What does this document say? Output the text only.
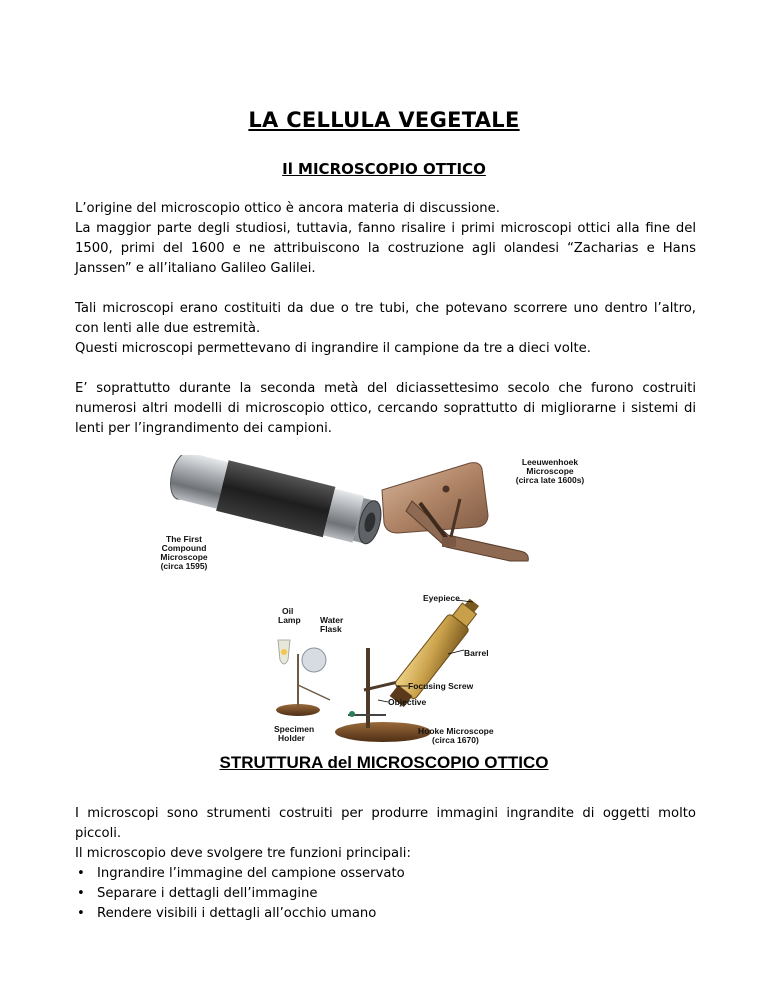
LA CELLULA VEGETALE
Il MICROSCOPIO OTTICO

L’origine del microscopio ottico è ancora materia di discussione.

La maggior parte degli studiosi, tuttavia, fanno risalire i primi microscopi ottici alla fine del 1500, primi del 1600 e ne attribuiscono la costruzione agli olandesi “Zacharias e Hans Janssen” e all’italiano Galileo Galilei.

Tali microscopi erano costituiti da due o tre tubi, che potevano scorrere uno dentro l’altro, con lenti alle due estremità.

Questi microscopi permettevano di ingrandire il campione da tre a dieci volte.

E’ soprattutto durante la seconda metà del diciassettesimo secolo che furono costruiti numerosi altri modelli di microscopio ottico, cercando soprattutto di migliorarne i sistemi di lenti per l’ingrandimento dei campioni.
The First
Compound
Microscope
(circa 1595)
Leeuwenhoek
Microscope
(circa late 1600s)
Eyepiece
Oil
Lamp Water
Flask
Barrel
Focusing Screw
Objective
Specimen
Holder
Hooke Microscope
(circa 1670)
STRUTTURA del MICROSCOPIO OTTICO

I microscopi sono strumenti costruiti per produrre immagini ingrandite di oggetti molto piccoli.

Il microscopio deve svolgere tre funzioni principali:

• Ingrandire l’immagine del campione osservato
• Separare i dettagli dell’immagine
• Rendere visibili i dettagli all’occhio umano
